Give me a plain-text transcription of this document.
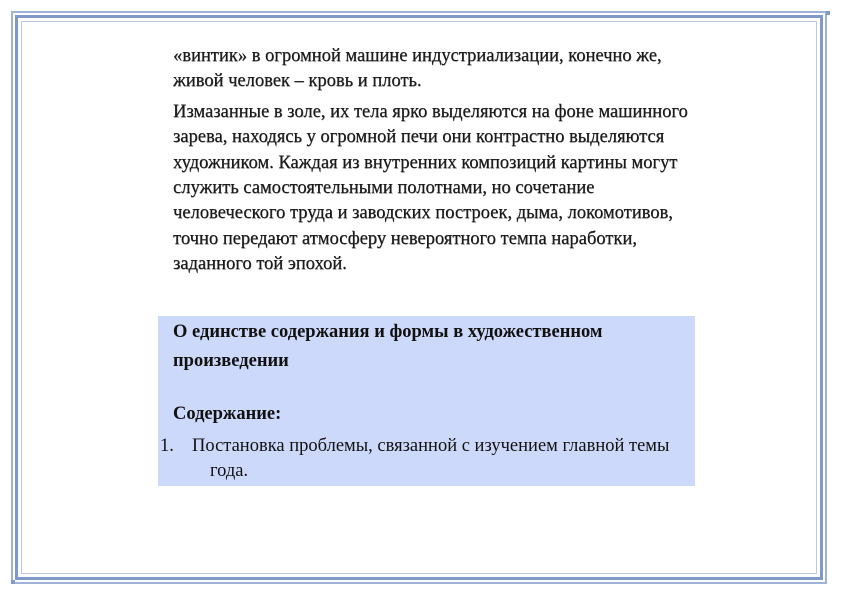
«винтик» в огромной машине индустриализации, конечно же, живой человек – кровь и плоть.

Измазанные в золе, их тела ярко выделяются на фоне машинного зарева, находясь у огромной печи они контрастно выделяются художником. Каждая из внутренних композиций картины могут служить самостоятельными полотнами, но сочетание человеческого труда и заводских построек, дыма, локомотивов, точно передают атмосферу невероятного темпа наработки, заданного той эпохой.

О единстве содержания и формы в художественном произведении

Содержание:

1. Постановка проблемы, связанной с изучением главной темы года.
